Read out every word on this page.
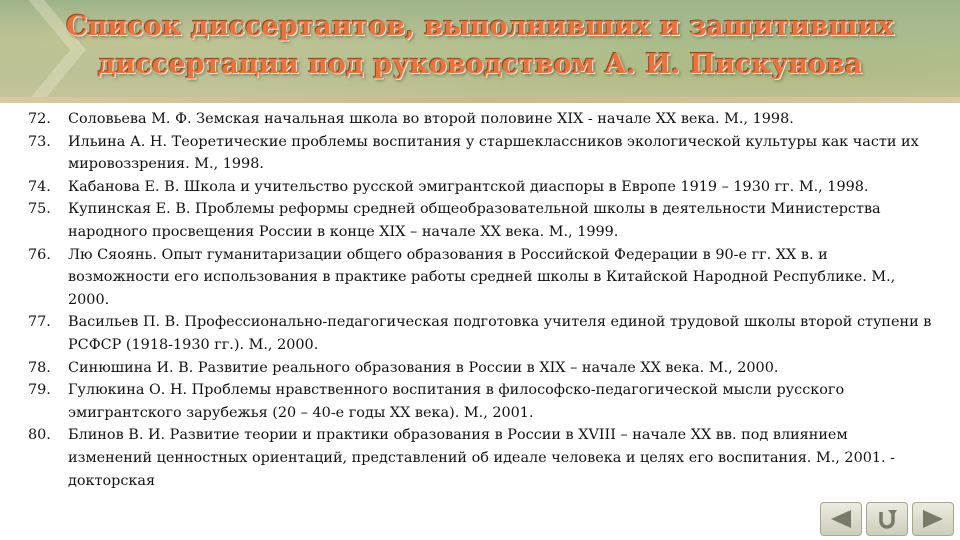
Список диссертантов, выполнивших и защитивших
диссертации под руководством А. И. Пискунова
72.	Соловьева М. Ф. Земская начальная школа во второй половине XIX - начале XX века. М., 1998.
73.	Ильина А. Н. Теоретические проблемы воспитания у старшеклассников экологической культуры как части их мировоззрения. М., 1998.
74.	Кабанова Е. В. Школа и учительство русской эмигрантской диаспоры в Европе 1919 – 1930 гг. М., 1998.
75.	Купинская Е. В. Проблемы реформы средней общеобразовательной школы в деятельности Министерства народного просвещения России в конце XIX – начале XX века. М., 1999.
76.	Лю Сяоянь. Опыт гуманитаризации общего образования в Российской Федерации в 90-е гг. XX в. и возможности его использования в практике работы средней школы в Китайской Народной Республике. М., 2000.
77.	Васильев П. В. Профессионально-педагогическая подготовка учителя единой трудовой школы второй ступени в РСФСР (1918-1930 гг.). М., 2000.
78.	Синюшина И. В. Развитие реального образования в России в XIX – начале XX века. М., 2000.
79.	Гулюкина О. Н. Проблемы нравственного воспитания в философско-педагогической мысли русского эмигрантского зарубежья (20 – 40-е годы XX века). М., 2001.
80.	Блинов В. И. Развитие теории и практики образования в России в XVIII – начале XX вв. под влиянием изменений ценностных ориентаций, представлений об идеале человека и целях его воспитания. М., 2001. - докторская
